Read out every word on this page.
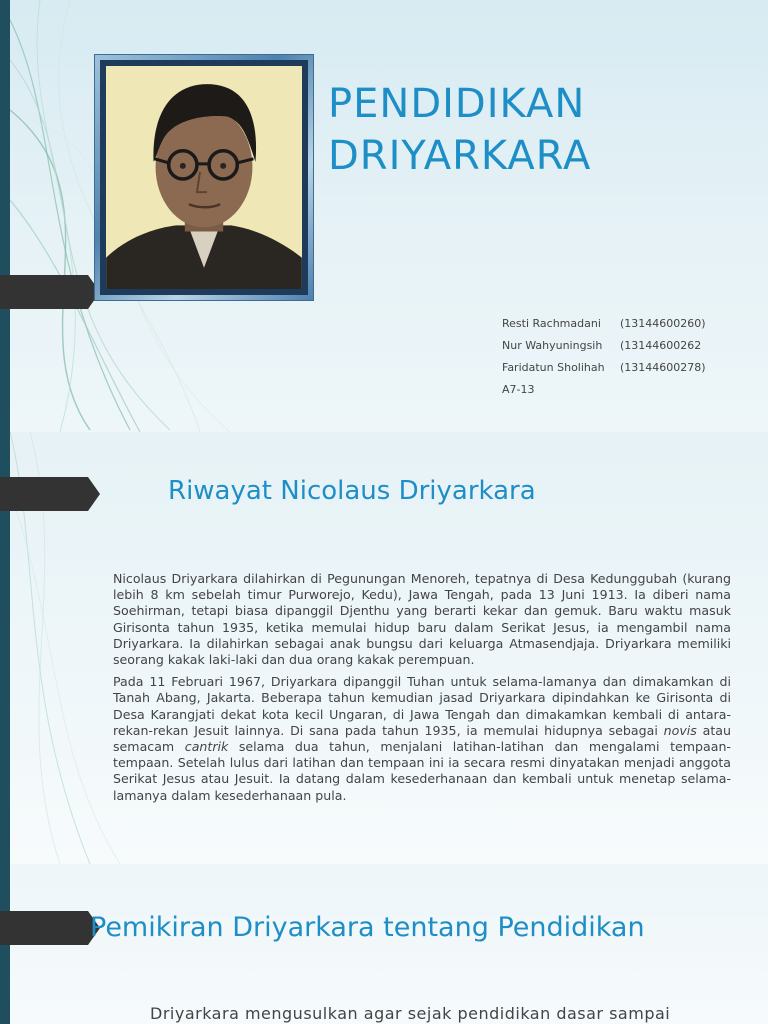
PENDIDIKAN
DRIYARKARA
Resti Rachmadani	(13144600260)
Nur Wahyuningsih	(13144600262
Faridatun Sholihah	(13144600278)
A7-13
Riwayat Nicolaus Driyarkara

Nicolaus Driyarkara dilahirkan di Pegunungan Menoreh, tepatnya di Desa Kedunggubah (kurang lebih 8 km sebelah timur Purworejo, Kedu), Jawa Tengah, pada 13 Juni 1913. Ia diberi nama Soehirman, tetapi biasa dipanggil Djenthu yang berarti kekar dan gemuk. Baru waktu masuk Girisonta tahun 1935, ketika memulai hidup baru dalam Serikat Jesus, ia mengambil nama Driyarkara. Ia dilahirkan sebagai anak bungsu dari keluarga Atmasendjaja. Driyarkara memiliki seorang kakak laki-laki dan dua orang kakak perempuan.

Pada 11 Februari 1967, Driyarkara dipanggil Tuhan untuk selama-lamanya dan dimakamkan di Tanah Abang, Jakarta. Beberapa tahun kemudian jasad Driyarkara dipindahkan ke Girisonta di Desa Karangjati dekat kota kecil Ungaran, di Jawa Tengah dan dimakamkan kembali di antara-rekan-rekan Jesuit lainnya. Di sana pada tahun 1935, ia memulai hidupnya sebagai novis atau semacam cantrik selama dua tahun, menjalani latihan-latihan dan mengalami tempaan-tempaan. Setelah lulus dari latihan dan tempaan ini ia secara resmi dinyatakan menjadi anggota Serikat Jesus atau Jesuit. Ia datang dalam kesederhanaan dan kembali untuk menetap selama-lamanya dalam kesederhanaan pula.

Pemikiran Driyarkara tentang Pendidikan
Driyarkara mengusulkan agar sejak pendidikan dasar sampai
